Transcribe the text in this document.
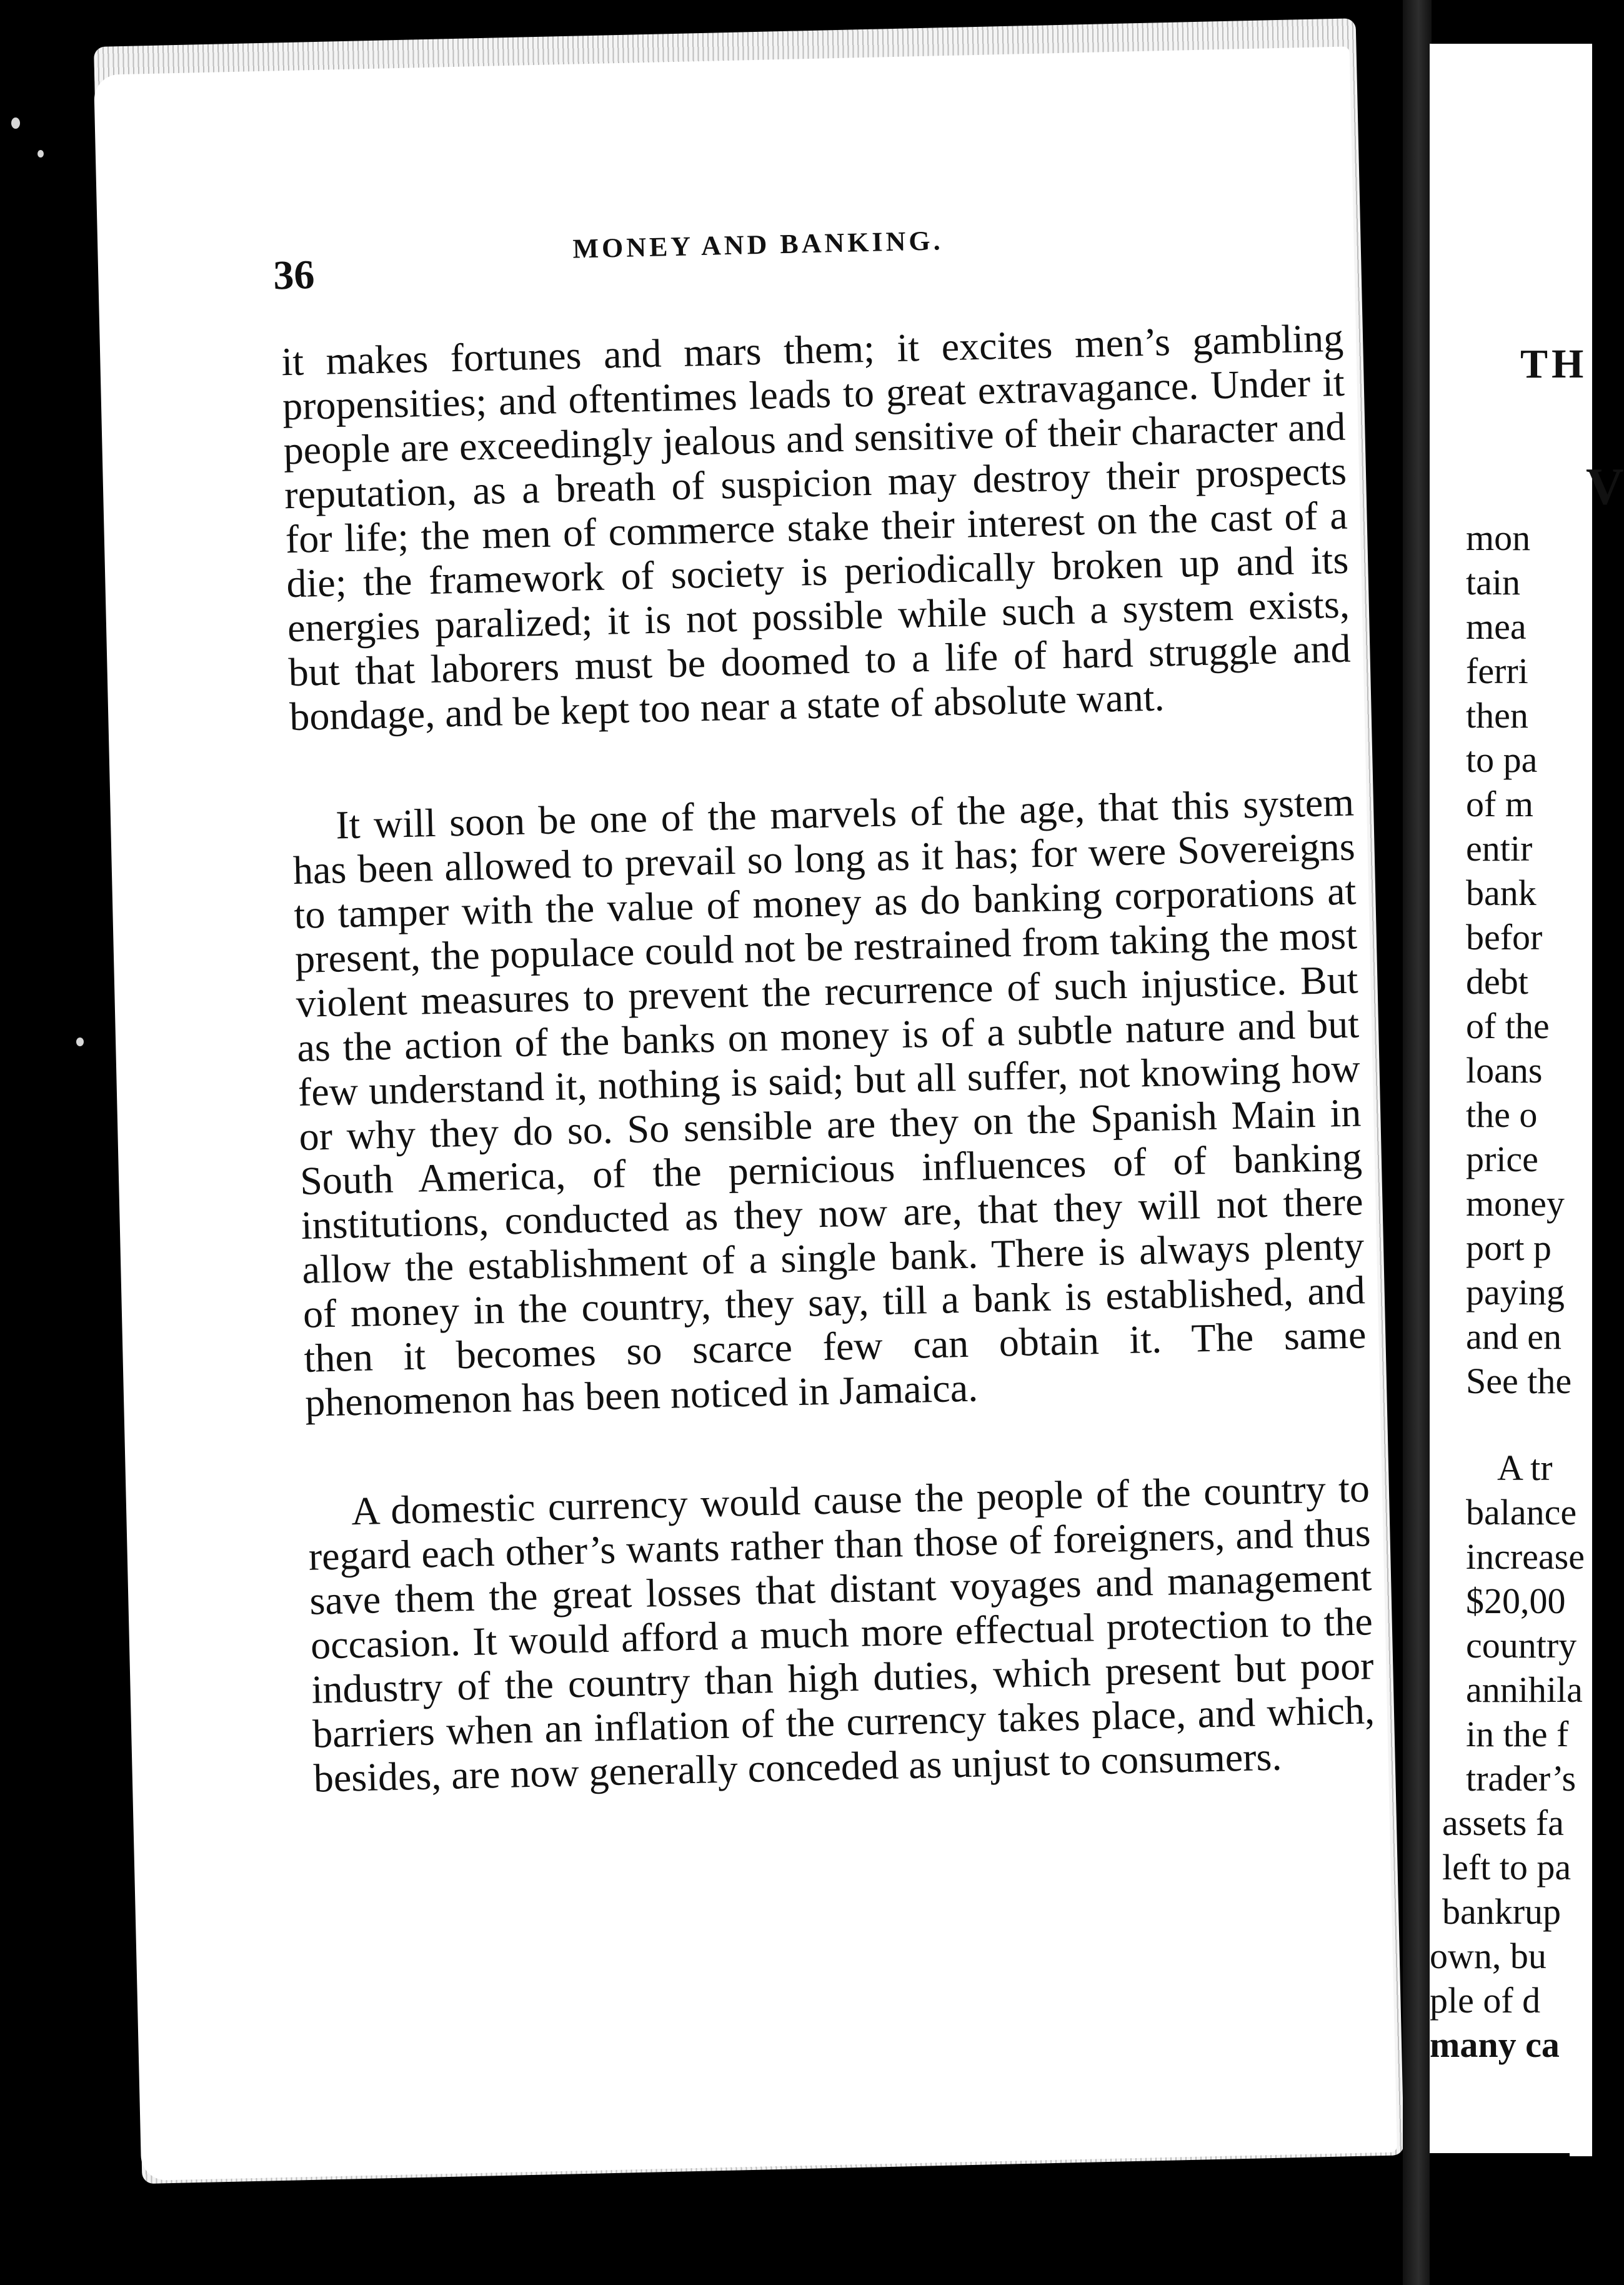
36
MONEY AND BANKING.

it makes fortunes and mars them; it excites men’s gambling propensities; and oftentimes leads to great extravagance. Under it people are exceedingly jealous and sensitive of their character and reputation, as a breath of suspicion may destroy their prospects for life; the men of commerce stake their interest on the cast of a die; the framework of society is periodically broken up and its energies paralized; it is not possible while such a system exists, but that laborers must be doomed to a life of hard struggle and bondage, and be kept too near a state of absolute want.

It will soon be one of the marvels of the age, that this system has been allowed to prevail so long as it has; for were Sovereigns to tamper with the value of money as do banking corporations at present, the populace could not be restrained from taking the most violent measures to prevent the recurrence of such injustice. But as the action of the banks on money is of a subtle nature and but few understand it, nothing is said; but all suffer, not knowing how or why they do so. So sensible are they on the Spanish Main in South America, of the pernicious influences of of banking institutions, conducted as they now are, that they will not there allow the establishment of a single bank. There is always plenty of money in the country, they say, till a bank is established, and then it becomes so scarce few can obtain it. The same phenomenon has been noticed in Jamaica.

A domestic currency would cause the people of the country to regard each other’s wants rather than those of foreigners, and thus save them the great losses that distant voyages and management occasion. It would afford a much more effectual protection to the industry of the country than high duties, which present but poor barriers when an inflation of the currency takes place, and which, besides, are now generally conceded as unjust to consumers.

TH
V
mon
tain
mea
ferri
then
to pa
of m
entir
bank
befor
debt
of the
loans
the o
price
money
port p
paying
and en
See the
A tr
balance
increase
$20,00
country
annihila
in the f
trader’s
assets fa
left to pa
bankrup
own, bu
ple of d
many ca
